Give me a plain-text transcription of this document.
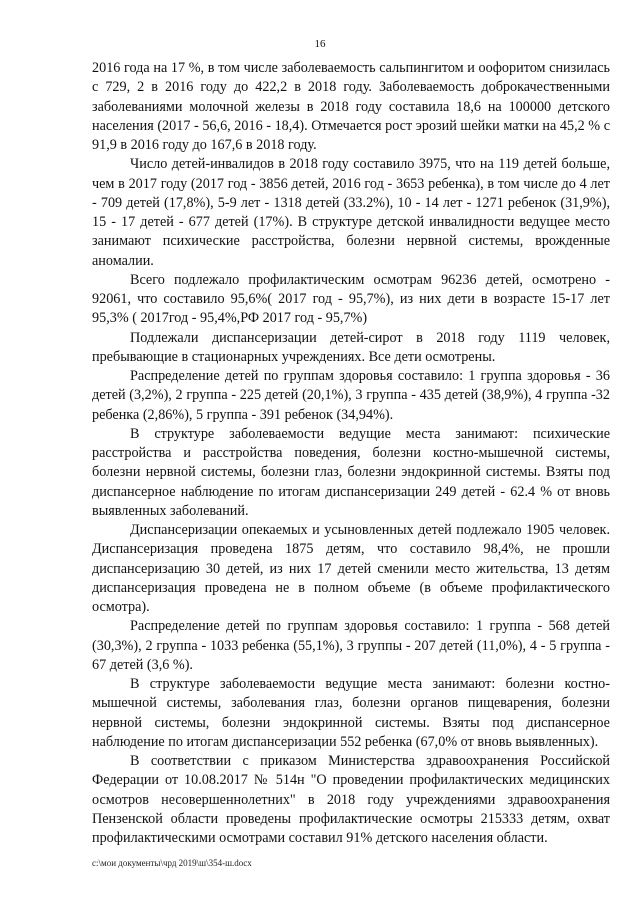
16

2016 года на 17 %, в том числе заболеваемость сальпингитом и оофоритом снизилась с 729, 2 в 2016 году до 422,2 в 2018 году. Заболеваемость доброкачественными заболеваниями молочной железы в 2018 году составила 18,6 на 100000 детского населения (2017 - 56,6, 2016 - 18,4). Отмечается рост эрозий шейки матки на 45,2 % с 91,9 в 2016 году до 167,6 в 2018 году.

Число детей-инвалидов в 2018 году составило 3975, что на 119 детей больше, чем в 2017 году (2017 год - 3856 детей, 2016 год - 3653 ребенка), в том числе до 4 лет - 709 детей (17,8%), 5-9 лет - 1318 детей (33.2%), 10 - 14 лет - 1271 ребенок (31,9%), 15 - 17 детей - 677 детей (17%). В структуре детской инвалидности ведущее место занимают психические расстройства, болезни нервной системы, врожденные аномалии.

Всего подлежало профилактическим осмотрам 96236 детей, осмотрено - 92061, что составило 95,6%( 2017 год - 95,7%), из них дети в возрасте 15-17 лет 95,3% ( 2017год - 95,4%,РФ 2017 год - 95,7%)

Подлежали диспансеризации детей-сирот в 2018 году 1119 человек, пребывающие в стационарных учреждениях. Все дети осмотрены.

Распределение детей по группам здоровья составило: 1 группа здоровья - 36 детей (3,2%), 2 группа - 225 детей (20,1%), 3 группа - 435 детей (38,9%), 4 группа -32 ребенка (2,86%), 5 группа - 391 ребенок (34,94%).

В структуре заболеваемости ведущие места занимают: психические расстройства и расстройства поведения, болезни костно-мышечной системы, болезни нервной системы, болезни глаз, болезни эндокринной системы. Взяты под диспансерное наблюдение по итогам диспансеризации 249 детей - 62.4 % от вновь выявленных заболеваний.

Диспансеризации опекаемых и усыновленных детей подлежало 1905 человек. Диспансеризация проведена 1875 детям, что составило 98,4%, не прошли диспансеризацию 30 детей, из них 17 детей сменили место жительства, 13 детям диспансеризация проведена не в полном объеме (в объеме профилактического осмотра).

Распределение детей по группам здоровья составило: 1 группа - 568 детей (30,3%), 2 группа - 1033 ребенка (55,1%), 3 группы - 207 детей (11,0%), 4 - 5 группа - 67 детей (3,6 %).

В структуре заболеваемости ведущие места занимают: болезни костно-мышечной системы, заболевания глаз, болезни органов пищеварения, болезни нервной системы, болезни эндокринной системы. Взяты под диспансерное наблюдение по итогам диспансеризации 552 ребенка (67,0% от вновь выявленных).

В соответствии с приказом Министерства здравоохранения Российской Федерации от 10.08.2017 № 514н "О проведении профилактических медицинских осмотров несовершеннолетних" в 2018 году учреждениями здравоохранения Пензенской области проведены профилактические осмотры 215333 детям, охват профилактическими осмотрами составил 91% детского населения области.

c:\мои документы\чрд 2019\ш\354-ш.docx
